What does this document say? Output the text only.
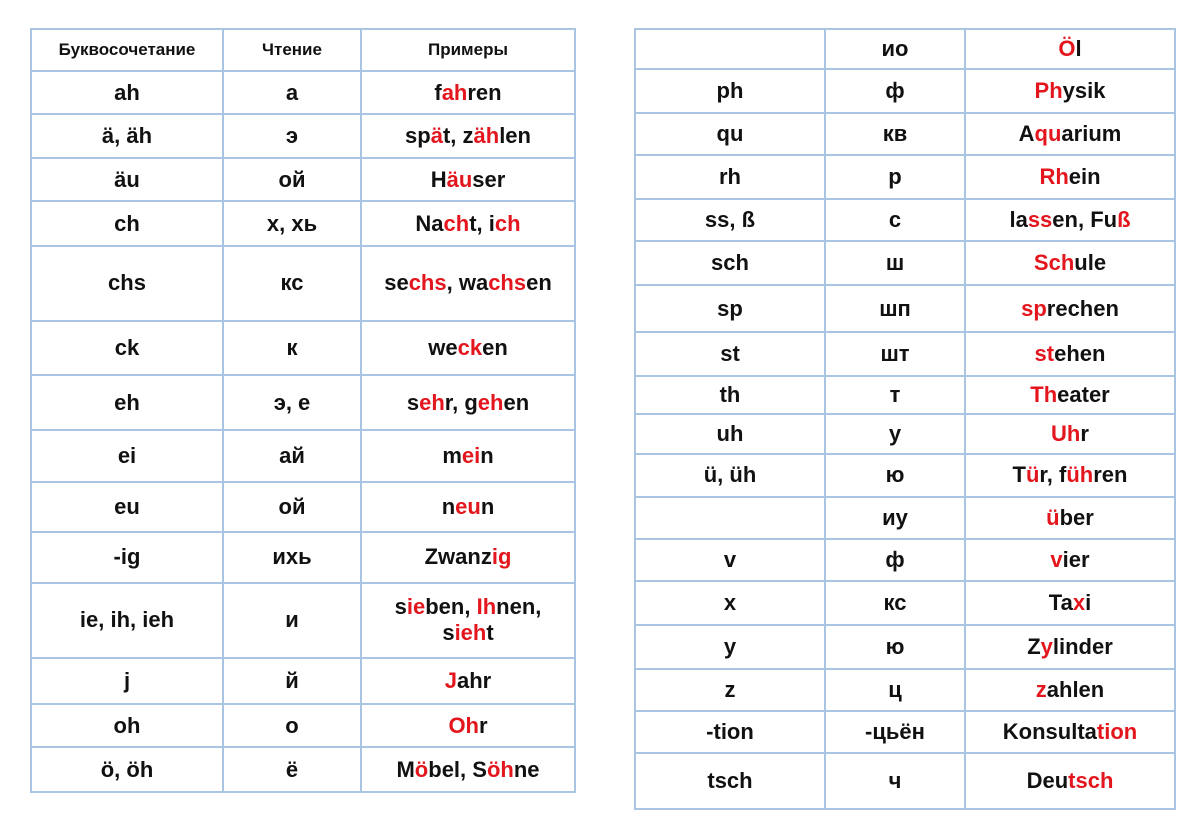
Буквосочетание	Чтение	Примеры
ah	а	fahren
ä, äh	э	spät, zählen
äu	ой	Häuser
ch	х, хь	Nacht, ich
chs	кс	sechs, wachsen
ck	к	wecken
eh	э, е	sehr, gehen
ei	ай	mein
eu	ой	neun
-ig	ихь	Zwanzig
ie, ih, ieh	и	sieben, Ihnen,
sieht
j	й	Jahr
oh	о	Ohr
ö, öh	ё	Möbel, Söhne
	ио	Öl
ph	ф	Physik
qu	кв	Aquarium
rh	р	Rhein
ss, ß	с	lassen, Fuß
sch	ш	Schule
sp	шп	sprechen
st	шт	stehen
th	т	Theater
uh	у	Uhr
ü, üh	ю	Tür, führen
	иу	über
v	ф	vier
x	кс	Taxi
y	ю	Zylinder
z	ц	zahlen
-tion	-цьён	Konsultation
tsch	ч	Deutsch
